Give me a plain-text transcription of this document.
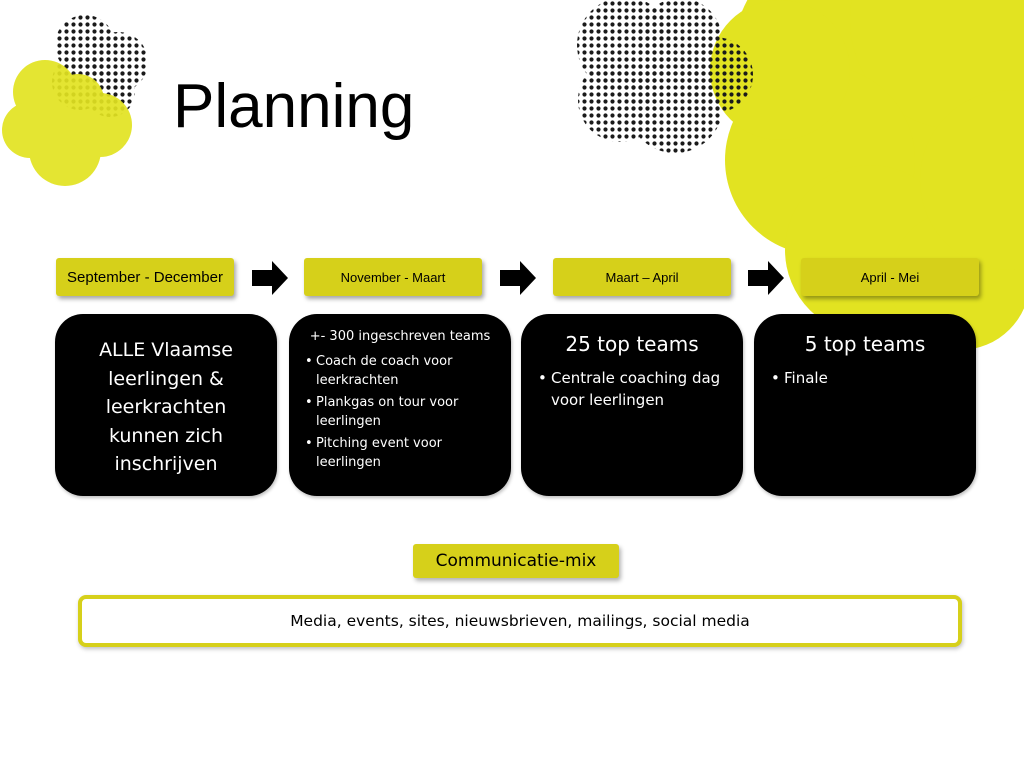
Planning
September - December	November - Maart	Maart – April	April - Mei
ALLE Vlaamse leerlingen & leerkrachten kunnen zich inschrijven
+- 300 ingeschreven teams
• Coach de coach voor leerkrachten
• Plankgas on tour voor leerlingen
• Pitching event voor leerlingen
25 top teams
• Centrale coaching dag voor leerlingen
5 top teams
• Finale
Communicatie-mix
Media, events, sites, nieuwsbrieven, mailings, social media
